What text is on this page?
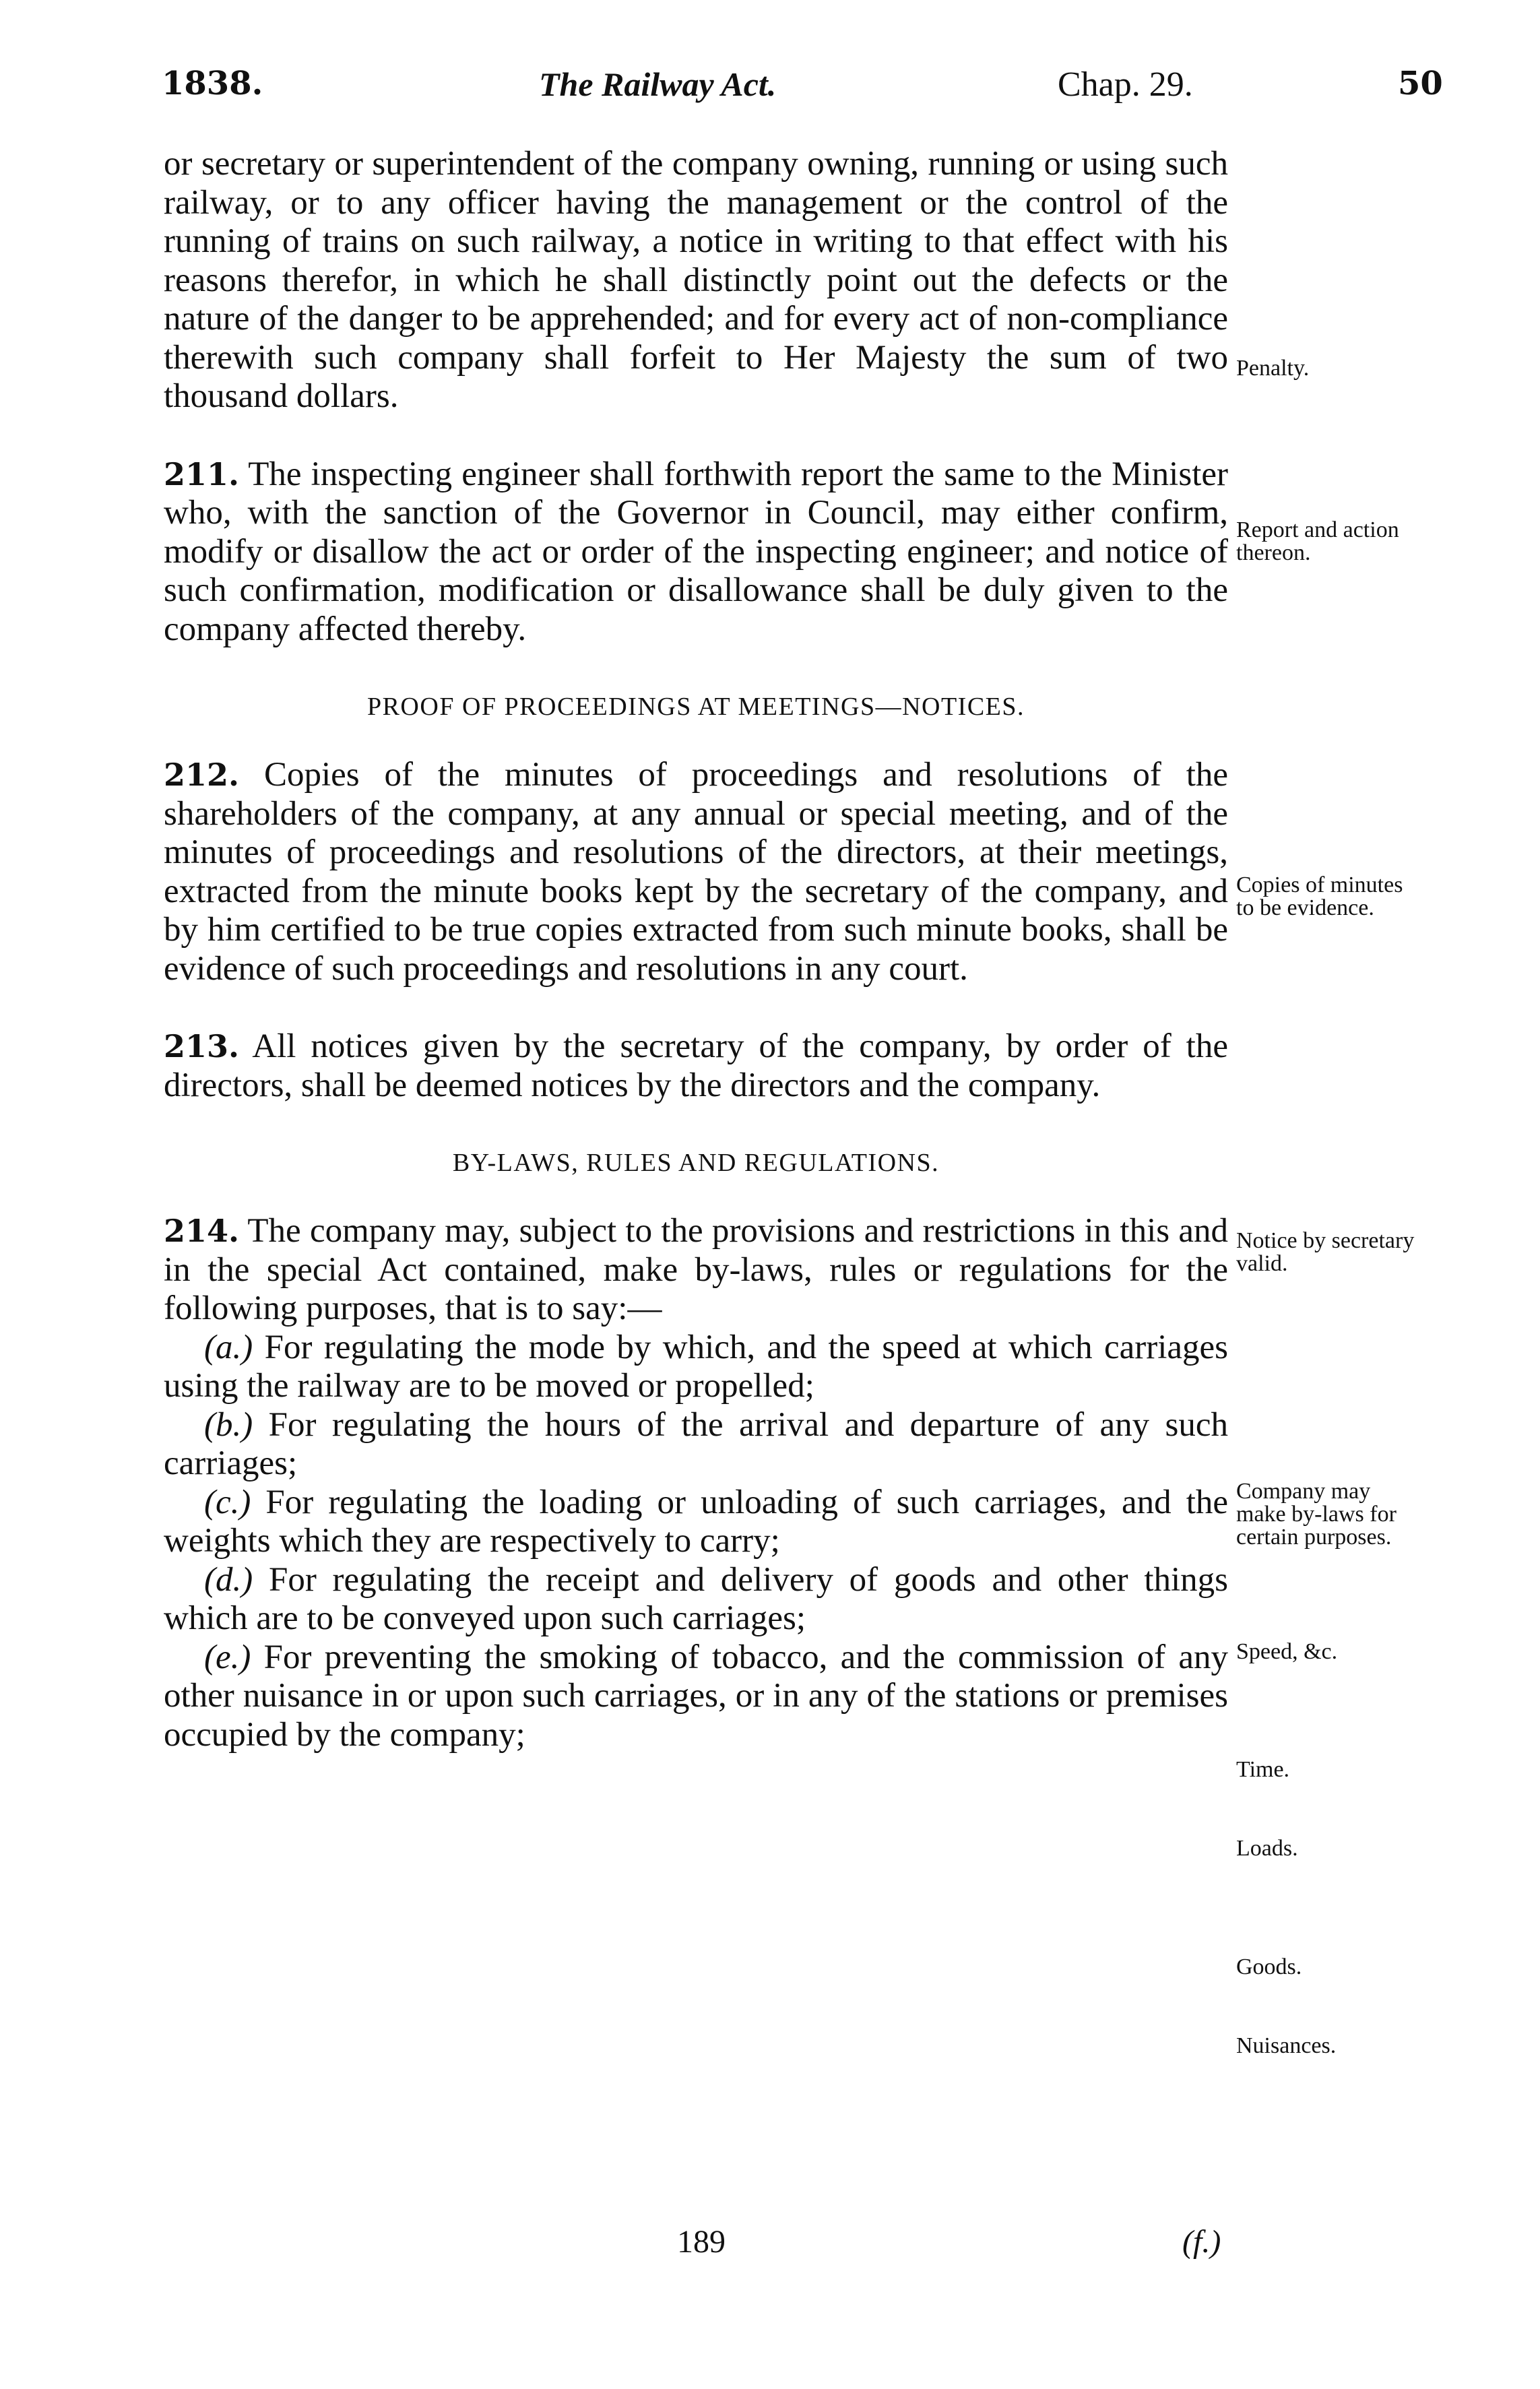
1838.	The Railway Act.	Chap. 29.	50

or secretary or superintendent of the company owning, running or using such railway, or to any officer having the management or the control of the running of trains on such railway, a notice in writing to that effect with his reasons therefor, in which he shall distinctly point out the defects or the nature of the danger to be apprehended; and for every act of non-compliance therewith such company shall forfeit to Her Majesty the sum of two thousand dollars.

211. The inspecting engineer shall forthwith report the same to the Minister who, with the sanction of the Governor in Council, may either confirm, modify or disallow the act or order of the inspecting engineer; and notice of such confirmation, modification or disallowance shall be duly given to the company affected thereby.

PROOF OF PROCEEDINGS AT MEETINGS—NOTICES.

212. Copies of the minutes of proceedings and resolutions of the shareholders of the company, at any annual or special meeting, and of the minutes of proceedings and resolutions of the directors, at their meetings, extracted from the minute books kept by the secretary of the company, and by him certified to be true copies extracted from such minute books, shall be evidence of such proceedings and resolutions in any court.

213. All notices given by the secretary of the company, by order of the directors, shall be deemed notices by the directors and the company.

BY-LAWS, RULES AND REGULATIONS.

214. The company may, subject to the provisions and restrictions in this and in the special Act contained, make by-laws, rules or regulations for the following purposes, that is to say:—

(a.) For regulating the mode by which, and the speed at which carriages using the railway are to be moved or propelled;

(b.) For regulating the hours of the arrival and departure of any such carriages;

(c.) For regulating the loading or unloading of such carriages, and the weights which they are respectively to carry;

(d.) For regulating the receipt and delivery of goods and other things which are to be conveyed upon such carriages;

(e.) For preventing the smoking of tobacco, and the commission of any other nuisance in or upon such carriages, or in any of the stations or premises occupied by the company;

Penalty.
Report and action thereon.
Copies of minutes to be evidence.
Notice by secretary valid.
Company may make by-laws for certain purposes.
Speed, &c.
Time.
Loads.
Goods.
Nuisances.
189	(f.)
